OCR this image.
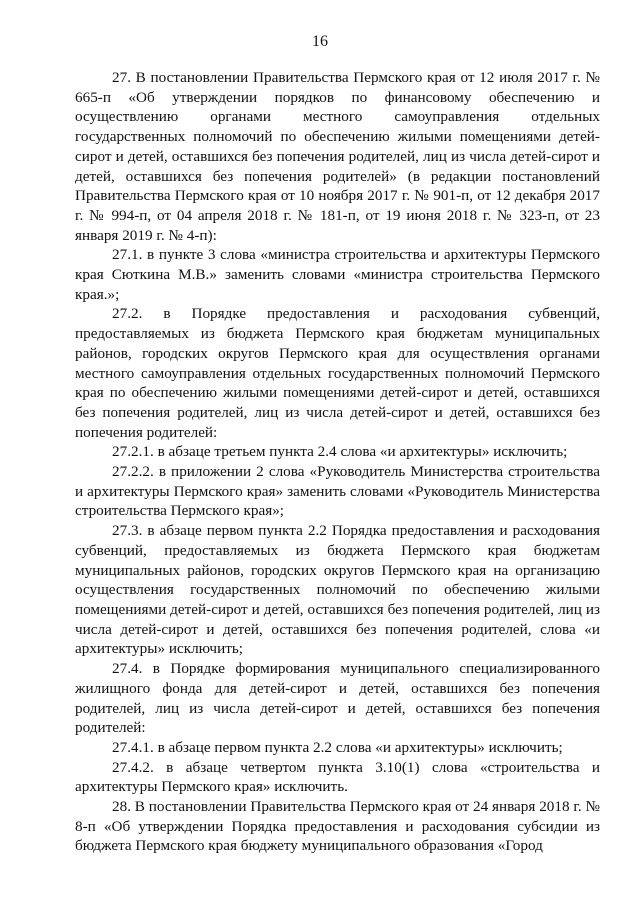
16

27. В постановлении Правительства Пермского края от 12 июля 2017 г. № 665-п «Об утверждении порядков по финансовому обеспечению и осуществлению органами местного самоуправления отдельных государственных полномочий по обеспечению жилыми помещениями детей-сирот и детей, оставшихся без попечения родителей, лиц из числа детей-сирот и детей, оставшихся без попечения родителей» (в редакции постановлений Правительства Пермского края от 10 ноября 2017 г. № 901-п, от 12 декабря 2017 г. № 994-п, от 04 апреля 2018 г. № 181-п, от 19 июня 2018 г. № 323-п, от 23 января 2019 г. № 4-п):

27.1. в пункте 3 слова «министра строительства и архитектуры Пермского края Сюткина М.В.» заменить словами «министра строительства Пермского края.»;

27.2. в Порядке предоставления и расходования субвенций, предоставляемых из бюджета Пермского края бюджетам муниципальных районов, городских округов Пермского края для осуществления органами местного самоуправления отдельных государственных полномочий Пермского края по обеспечению жилыми помещениями детей-сирот и детей, оставшихся без попечения родителей, лиц из числа детей-сирот и детей, оставшихся без попечения родителей:

27.2.1. в абзаце третьем пункта 2.4 слова «и архитектуры» исключить;

27.2.2. в приложении 2 слова «Руководитель Министерства строительства и архитектуры Пермского края» заменить словами «Руководитель Министерства строительства Пермского края»;

27.3. в абзаце первом пункта 2.2 Порядка предоставления и расходования субвенций, предоставляемых из бюджета Пермского края бюджетам муниципальных районов, городских округов Пермского края на организацию осуществления государственных полномочий по обеспечению жилыми помещениями детей-сирот и детей, оставшихся без попечения родителей, лиц из числа детей-сирот и детей, оставшихся без попечения родителей, слова «и архитектуры» исключить;

27.4. в Порядке формирования муниципального специализированного жилищного фонда для детей-сирот и детей, оставшихся без попечения родителей, лиц из числа детей-сирот и детей, оставшихся без попечения родителей:

27.4.1. в абзаце первом пункта 2.2 слова «и архитектуры» исключить;

27.4.2. в абзаце четвертом пункта 3.10(1) слова «строительства и архитектуры Пермского края» исключить.

28. В постановлении Правительства Пермского края от 24 января 2018 г. № 8-п «Об утверждении Порядка предоставления и расходования субсидии из бюджета Пермского края бюджету муниципального образования «Город
